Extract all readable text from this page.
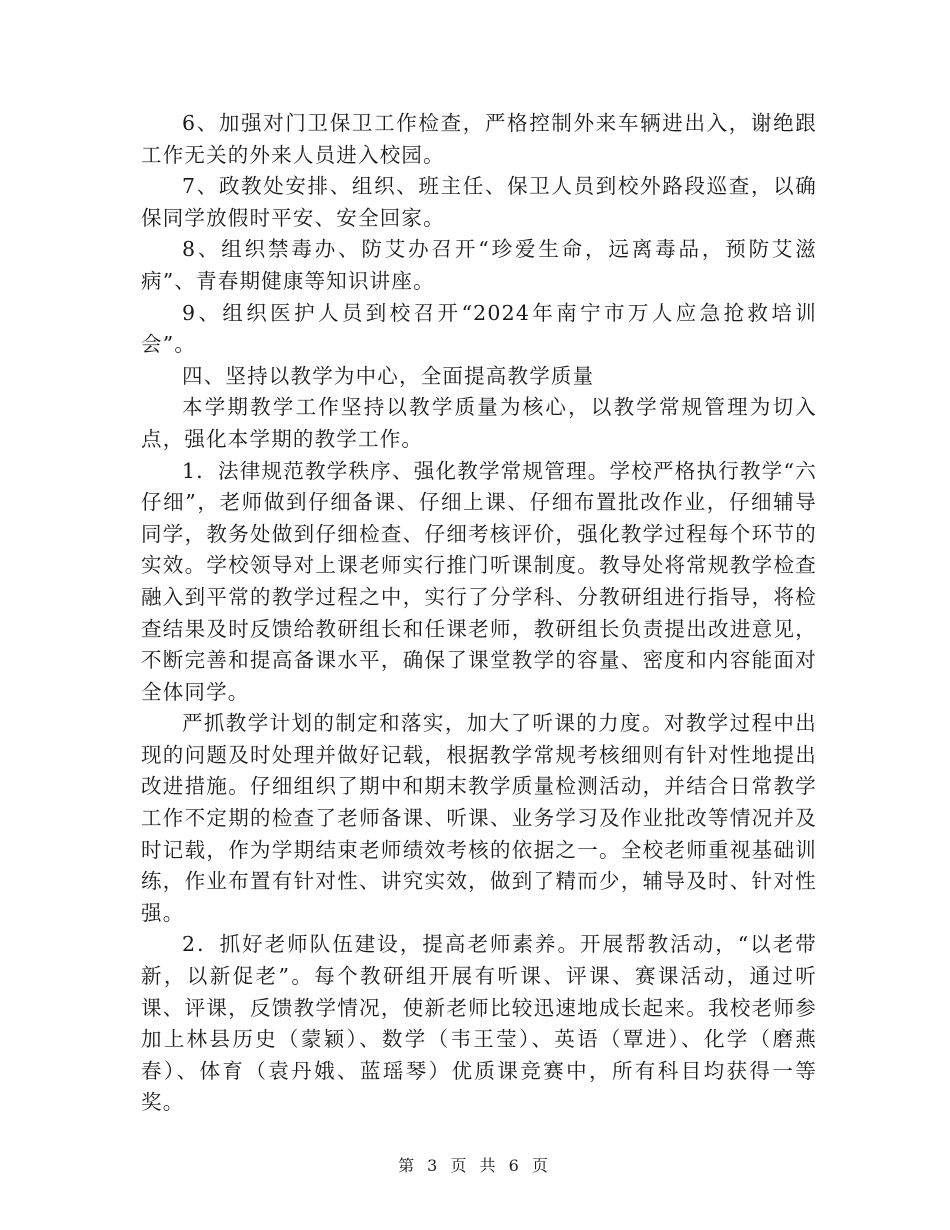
6、加强对门卫保卫工作检查，严格控制外来车辆进出入，谢绝跟工作无关的外来人员进入校园。

7、政教处安排、组织、班主任、保卫人员到校外路段巡查，以确保同学放假时平安、安全回家。

8、组织禁毒办、防艾办召开“珍爱生命，远离毒品，预防艾滋病”、青春期健康等知识讲座。

9、组织医护人员到校召开“2024年南宁市万人应急抢救培训会”。

四、坚持以教学为中心，全面提高教学质量

本学期教学工作坚持以教学质量为核心，以教学常规管理为切入点，强化本学期的教学工作。

1．法律规范教学秩序、强化教学常规管理。学校严格执行教学“六仔细”，老师做到仔细备课、仔细上课、仔细布置批改作业，仔细辅导同学，教务处做到仔细检查、仔细考核评价，强化教学过程每个环节的实效。学校领导对上课老师实行推门听课制度。教导处将常规教学检查融入到平常的教学过程之中，实行了分学科、分教研组进行指导，将检查结果及时反馈给教研组长和任课老师，教研组长负责提出改进意见，不断完善和提高备课水平，确保了课堂教学的容量、密度和内容能面对全体同学。

严抓教学计划的制定和落实，加大了听课的力度。对教学过程中出现的问题及时处理并做好记载，根据教学常规考核细则有针对性地提出改进措施。仔细组织了期中和期末教学质量检测活动，并结合日常教学工作不定期的检查了老师备课、听课、业务学习及作业批改等情况并及时记载，作为学期结束老师绩效考核的依据之一。全校老师重视基础训练，作业布置有针对性、讲究实效，做到了精而少，辅导及时、针对性强。

2．抓好老师队伍建设，提高老师素养。开展帮教活动，“以老带新，以新促老”。每个教研组开展有听课、评课、赛课活动，通过听课、评课，反馈教学情况，使新老师比较迅速地成长起来。我校老师参加上林县历史（蒙颖）、数学（韦王莹）、英语（覃进）、化学（磨燕春）、体育（袁丹娥、蓝瑶琴）优质课竞赛中，所有科目均获得一等奖。

第 3 页 共 6 页
